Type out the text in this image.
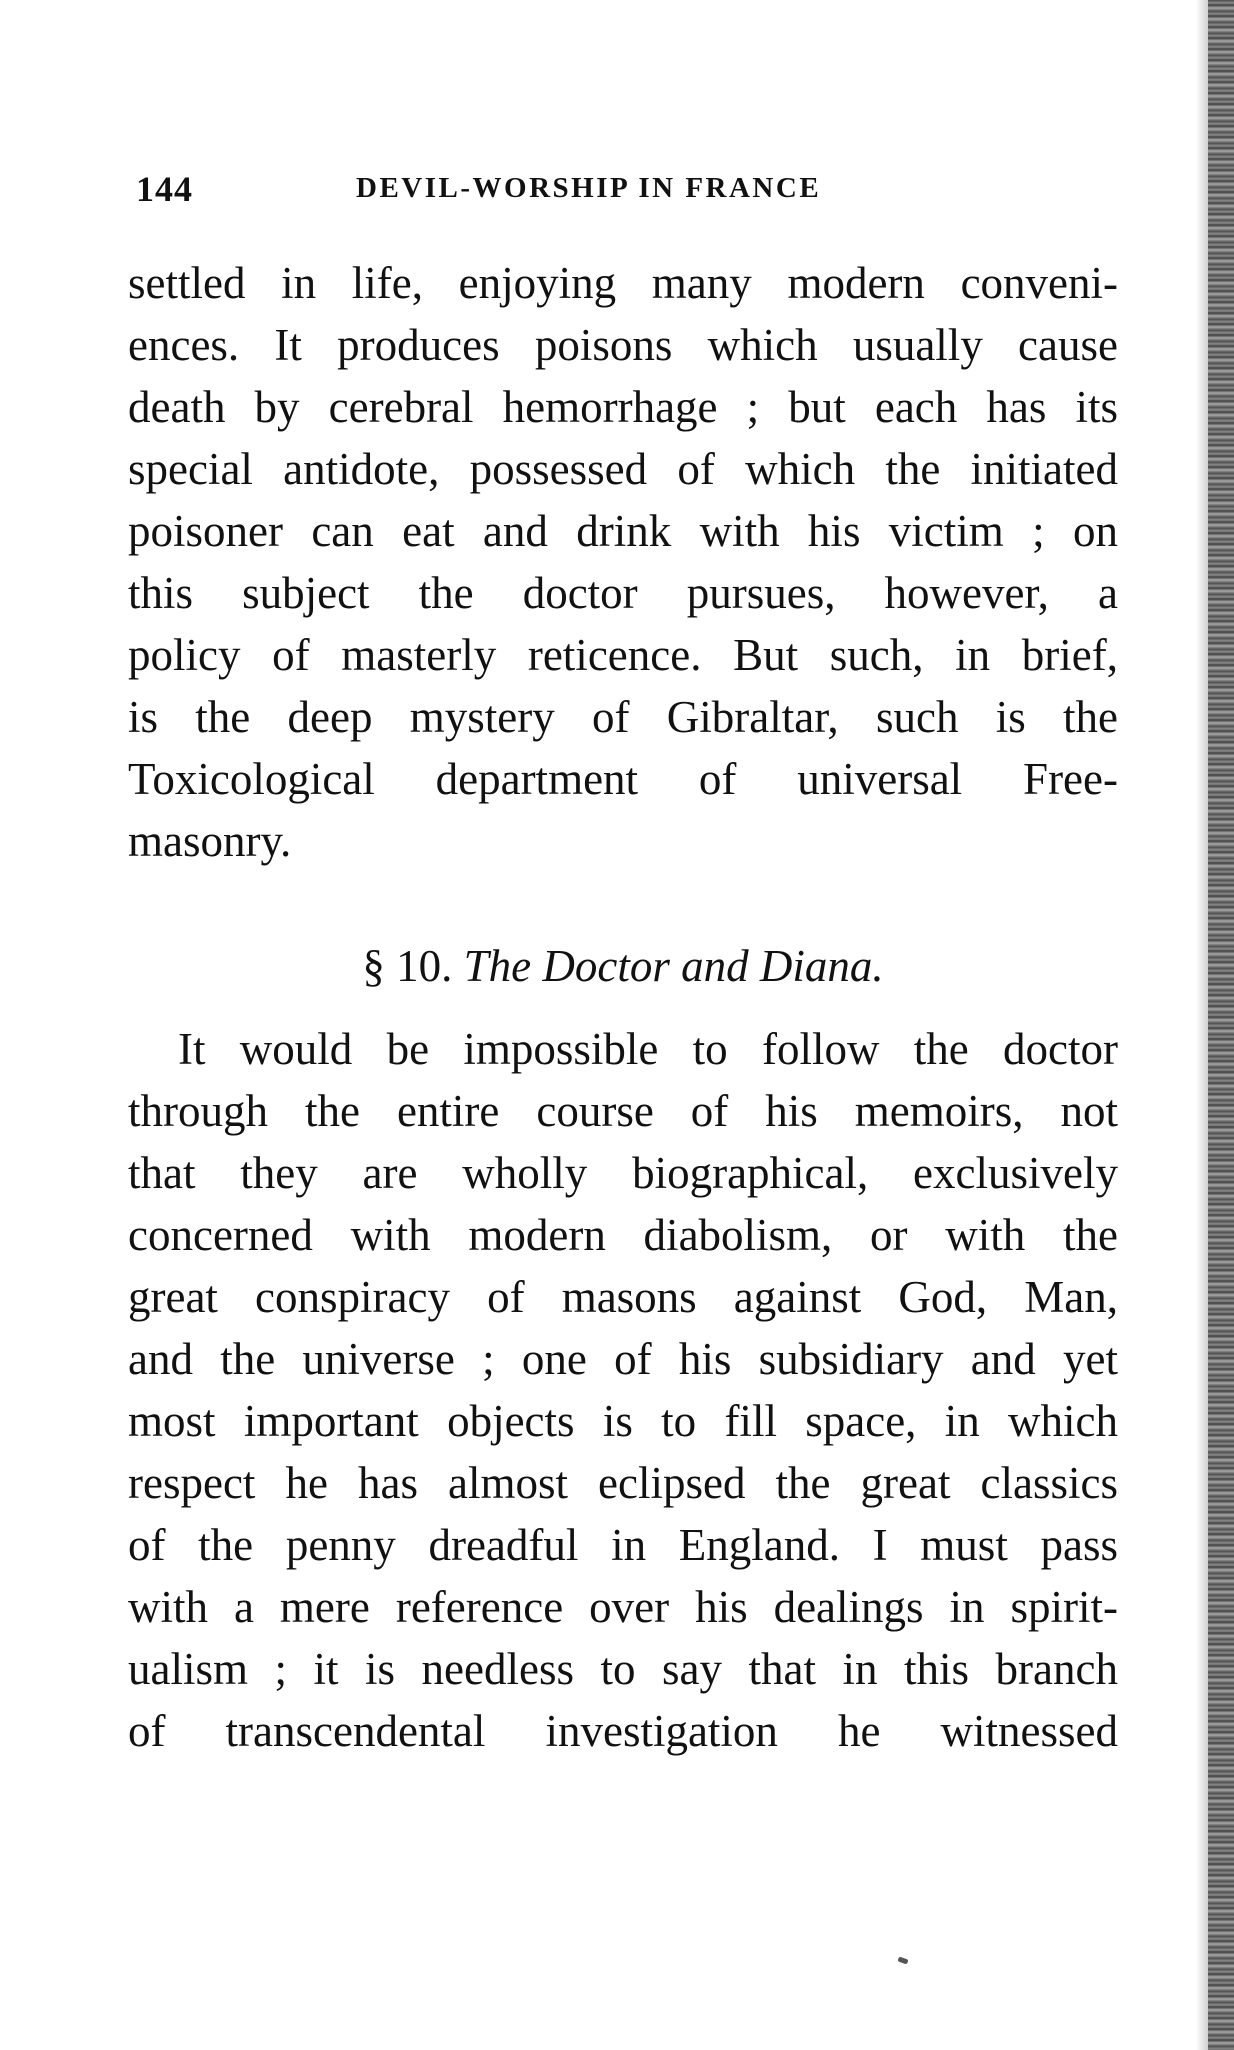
144	DEVIL-WORSHIP IN FRANCE
settled in life, enjoying many modern conveni-
ences. It produces poisons which usually cause
death by cerebral hemorrhage ; but each has its
special antidote, possessed of which the initiated
poisoner can eat and drink with his victim ; on
this subject the doctor pursues, however, a
policy of masterly reticence. But such, in brief,
is the deep mystery of Gibraltar, such is the
Toxicological department of universal Free-
masonry.
§ 10. The Doctor and Diana.
It would be impossible to follow the doctor
through the entire course of his memoirs, not
that they are wholly biographical, exclusively
concerned with modern diabolism, or with the
great conspiracy of masons against God, Man,
and the universe ; one of his subsidiary and yet
most important objects is to fill space, in which
respect he has almost eclipsed the great classics
of the penny dreadful in England. I must pass
with a mere reference over his dealings in spirit-
ualism ; it is needless to say that in this branch
of transcendental investigation he witnessed
